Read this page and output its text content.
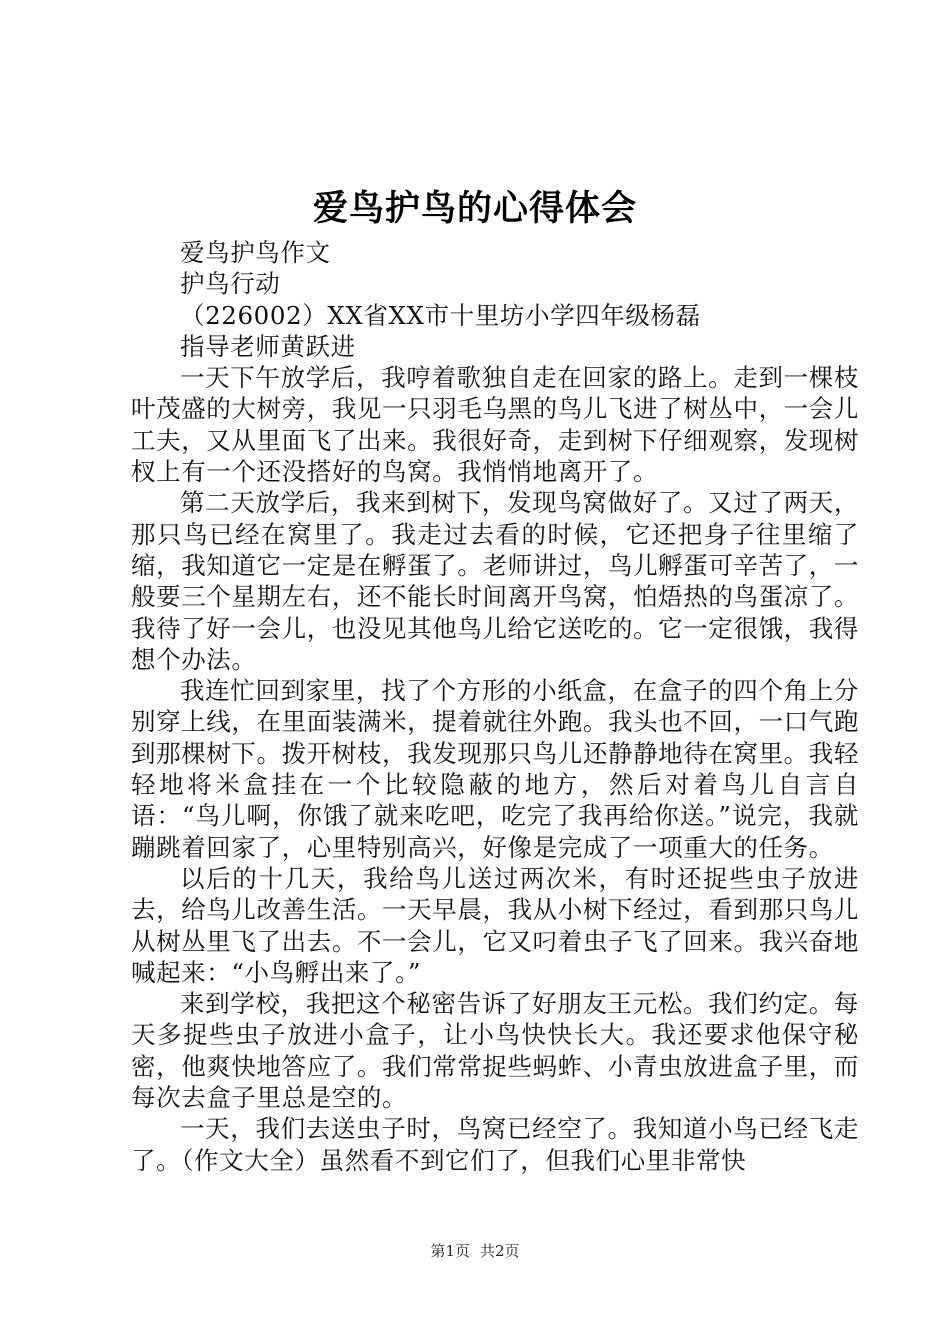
爱鸟护鸟的心得体会

爱鸟护鸟作文

护鸟行动

（226002）XX省XX市十里坊小学四年级杨磊

指导老师黄跃进

一天下午放学后，我哼着歌独自走在回家的路上。走到一棵枝叶茂盛的大树旁，我见一只羽毛乌黑的鸟儿飞进了树丛中，一会儿工夫，又从里面飞了出来。我很好奇，走到树下仔细观察，发现树杈上有一个还没搭好的鸟窝。我悄悄地离开了。

第二天放学后，我来到树下，发现鸟窝做好了。又过了两天，那只鸟已经在窝里了。我走过去看的时候，它还把身子往里缩了缩，我知道它一定是在孵蛋了。老师讲过，鸟儿孵蛋可辛苦了，一般要三个星期左右，还不能长时间离开鸟窝，怕焐热的鸟蛋凉了。我待了好一会儿，也没见其他鸟儿给它送吃的。它一定很饿，我得想个办法。

我连忙回到家里，找了个方形的小纸盒，在盒子的四个角上分别穿上线，在里面装满米，提着就往外跑。我头也不回，一口气跑到那棵树下。拨开树枝，我发现那只鸟儿还静静地待在窝里。我轻轻地将米盒挂在一个比较隐蔽的地方，然后对着鸟儿自言自语：“鸟儿啊，你饿了就来吃吧，吃完了我再给你送。”说完，我就蹦跳着回家了，心里特别高兴，好像是完成了一项重大的任务。

以后的十几天，我给鸟儿送过两次米，有时还捉些虫子放进去，给鸟儿改善生活。一天早晨，我从小树下经过，看到那只鸟儿从树丛里飞了出去。不一会儿，它又叼着虫子飞了回来。我兴奋地喊起来：“小鸟孵出来了。”

来到学校，我把这个秘密告诉了好朋友王元松。我们约定。每天多捉些虫子放进小盒子，让小鸟快快长大。我还要求他保守秘密，他爽快地答应了。我们常常捉些蚂蚱、小青虫放进盒子里，而每次去盒子里总是空的。

一天，我们去送虫子时，鸟窝已经空了。我知道小鸟已经飞走了。（作文大全）虽然看不到它们了，但我们心里非常快

第1页 共2页
